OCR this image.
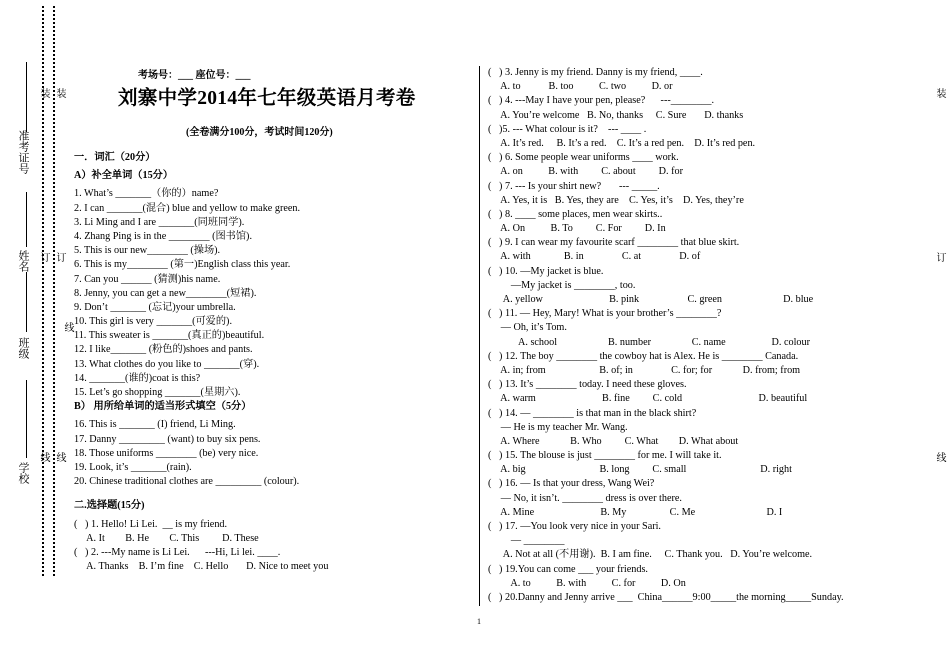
准考证号
姓名
班级
学校
装
订
线
装
订
线
线
装
订
线
考场号：___ 座位号：___
刘寨中学2014年七年级英语月考卷
(全卷满分100分，考试时间120分)
一．词汇（20分）
A）补全单词（15分）
1. What’s _______（你的）name?
2. I can _______(混合) blue and yellow to make green.
3. Li Ming and I are _______(同班同学).
4. Zhang Ping is in the ________ (图书馆).
5. This is our new________ (操场).
6. This is my________ (第一)English class this year.
7. Can you ______ (猜测)his name.
8. Jenny, you can get a new________(短裙).
9. Don’t _______ (忘记)your umbrella.
10. This girl is very _______(可爱的).
11. This sweater is _______(真正的)beautiful.
12. I like_______ (粉色的)shoes and pants.
13. What clothes do you like to _______(穿).
14. _______(谁的)coat is this?
15. Let’s go shopping _______(星期六).
B） 用所给单词的适当形式填空（5分）
16. This is _______ (I) friend, Li Ming.
17. Danny _________ (want) to buy six pens.
18. Those uniforms ________ (be) very nice.
19. Look, it’s _______(rain).
20. Chinese traditional clothes are _________ (colour).
二.选择题(15分)
(   ) 1. Hello! Li Lei.  __ is my friend.
A. It        B. He        C. This         D. These
(   ) 2. ---My name is Li Lei.      ---Hi, Li lei. ____.
A. Thanks    B. I’m fine    C. Hello       D. Nice to meet you
(   ) 3. Jenny is my friend. Danny is my friend, ____.
A. to           B. too          C. two          D. or
(   ) 4. ---May I have your pen, please?      ---________.
A. You’re welcome   B. No, thanks     C. Sure       D. thanks
(   )5. --- What colour is it?    --- ____ .
A. It’s red.     B. It’s a red.    C. It’s a red pen.    D. It’s red pen.
(   ) 6. Some people wear uniforms ____ work.
A. on          B. with         C. about         D. for
(   ) 7. --- Is your shirt new?       --- _____.
A. Yes, it is   B. Yes, they are    C. Yes, it’s    D. Yes, they’re
(   ) 8. ____ some places, men wear skirts..
A. On          B. To         C. For         D. In
(   ) 9. I can wear my favourite scarf ________ that blue skirt.
A. with             B. in               C. at               D. of
(   ) 10. —My jacket is blue.
—My jacket is ________, too.
A. yellow                          B. pink                   C. green                        D. blue
(   ) 11. — Hey, Mary! What is your brother’s ________?
— Oh, it’s Tom.
A. school                    B. number                C. name                  D. colour
(   ) 12. The boy ________ the cowboy hat is Alex. He is ________ Canada.
A. in; from                     B. of; in               C. for; for            D. from; from
(   ) 13. It’s ________ today. I need these gloves.
A. warm                          B. fine         C. cold                              D. beautiful
(   ) 14. — ________ is that man in the black shirt?
— He is my teacher Mr. Wang.
A. Where            B. Who         C. What        D. What about
(   ) 15. The blouse is just ________ for me. I will take it.
A. big                             B. long         C. small                             D. right
(   ) 16. — Is that your dress, Wang Wei?
— No, it isn’t. ________ dress is over there.
A. Mine                          B. My                 C. Me                            D. I
(   ) 17. —You look very nice in your Sari.
— ________
A. Not at all (不用谢).  B. I am fine.     C. Thank you.   D. You’re welcome.
(   ) 19.You can come ___ your friends.
A. to          B. with          C. for          D. On
(   ) 20.Danny and Jenny arrive ___  China______9:00_____the morning_____Sunday.
1
